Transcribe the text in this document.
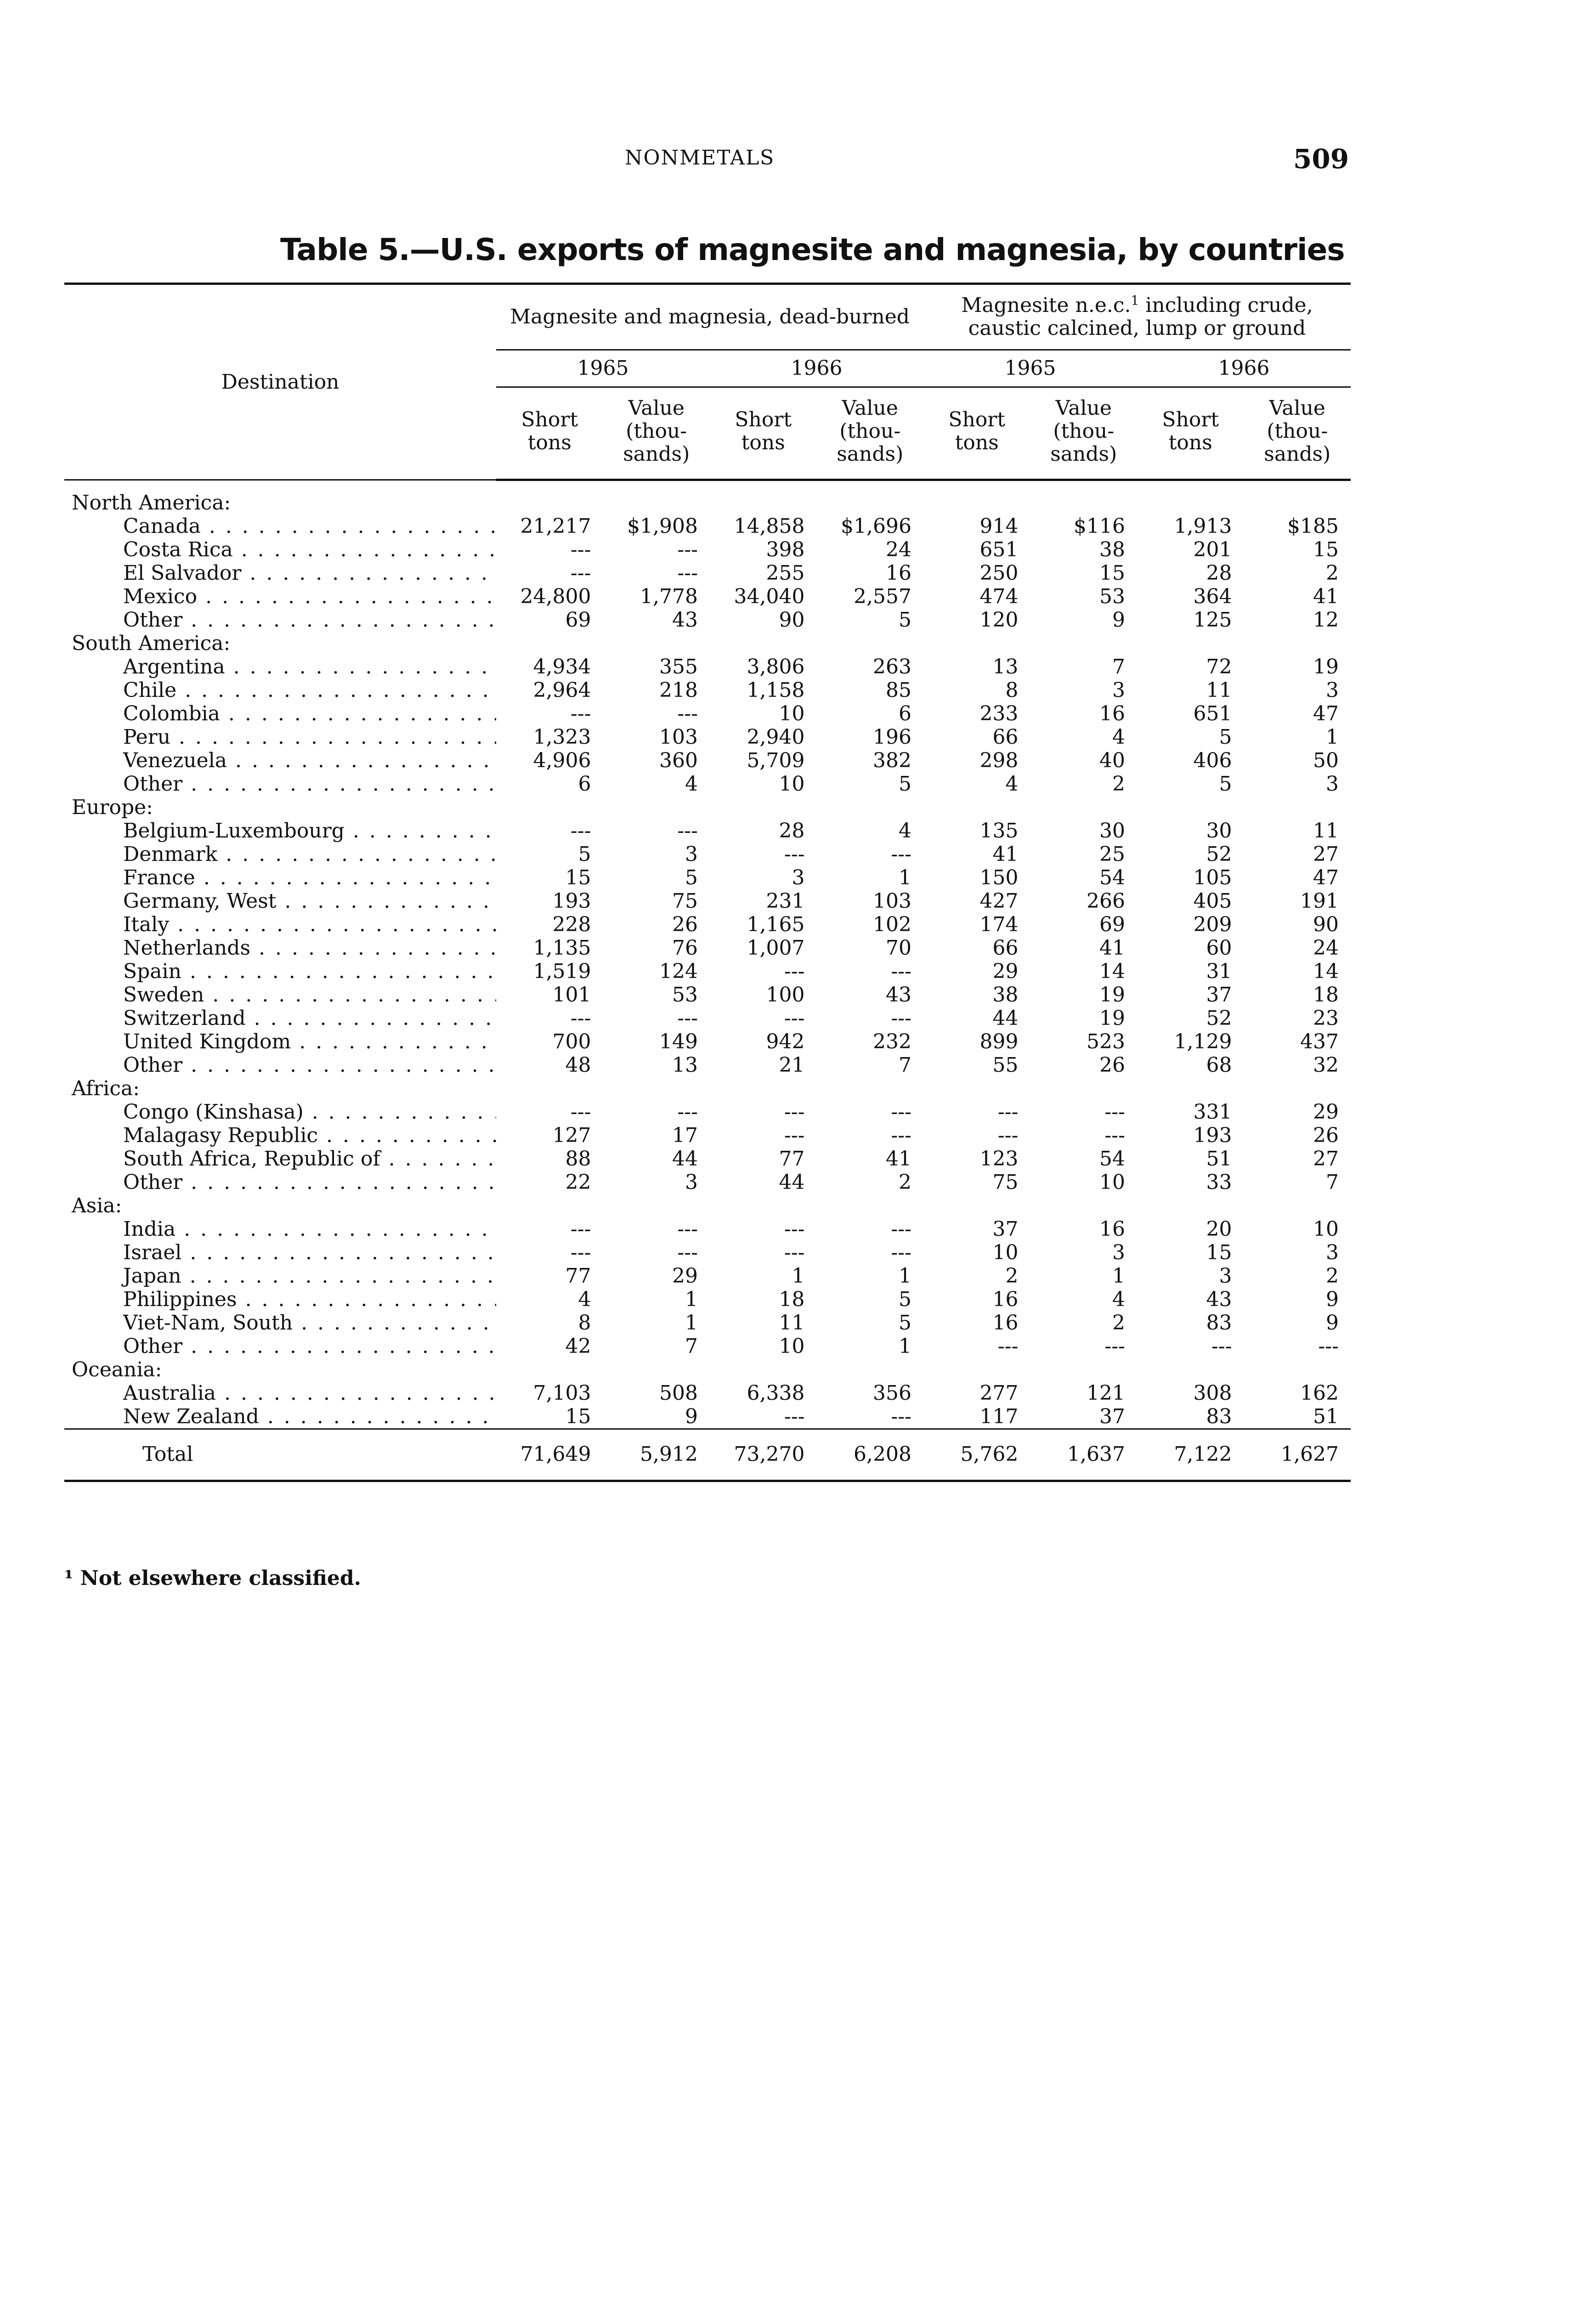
NONMETALS	509
Table 5.—U.S. exports of magnesite and magnesia, by countries
Destination	Magnesite and magnesia, dead-burned				Magnesite n.e.c.$^1$ including crude, caustic calcined, lump or ground			
	1965		1966		1965		1966	
	Short tons	Value (thou- sands)	Short tons	Value (thou- sands)	Short tons	Value (thou- sands)	Short tons	Value (thou- sands)
North America:								
Canada . . .	21,217	$1,908	14,858	$1,696	914	$116	1,913	$185
Costa Rica . . .	---	---	398	24	651	38	201	15
El Salvador . . .	---	---	255	16	250	15	28	2
Mexico . . .	24,800	1,778	34,040	2,557	474	53	364	41
Other . . .	69	43	90	5	120	9	125	12
South America:								
Argentina . . .	4,934	355	3,806	263	13	7	72	19
Chile . . .	2,964	218	1,158	85	8	3	11	3
Colombia . . .	---	---	10	6	233	16	651	47
Peru . . .	1,323	103	2,940	196	66	4	5	1
Venezuela . . .	4,906	360	5,709	382	298	40	406	50
Other . . .	6	4	10	5	4	2	5	3
Europe:								
Belgium-Luxembourg . . .	---	---	28	4	135	30	30	11
Denmark . . .	5	3	---	---	41	25	52	27
France . . .	15	5	3	1	150	54	105	47
Germany, West . . .	193	75	231	103	427	266	405	191
Italy . . .	228	26	1,165	102	174	69	209	90
Netherlands . . .	1,135	76	1,007	70	66	41	60	24
Spain . . .	1,519	124	---	---	29	14	31	14
Sweden . . .	101	53	100	43	38	19	37	18
Switzerland . . .	---	---	---	---	44	19	52	23
United Kingdom . . .	700	149	942	232	899	523	1,129	437
Other . . .	48	13	21	7	55	26	68	32
Africa:								
Congo (Kinshasa) . . .	---	---	---	---	---	---	331	29
Malagasy Republic . . .	127	17	---	---	---	---	193	26
South Africa, Republic of . . .	88	44	77	41	123	54	51	27
Other . . .	22	3	44	2	75	10	33	7
Asia:								
India . . .	---	---	---	---	37	16	20	10
Israel . . .	---	---	---	---	10	3	15	3
Japan . . .	77	29	1	1	2	1	3	2
Philippines . . .	4	1	18	5	16	4	43	9
Viet-Nam, South . . .	8	1	11	5	16	2	83	9
Other . . .	42	7	10	1	---	---	---	---
Oceania:								
Australia . . .	7,103	508	6,338	356	277	121	308	162
New Zealand . . .	15	9	---	---	117	37	83	51
Total	71,649	5,912	73,270	6,208	5,762	1,637	7,122	1,627
¹ Not elsewhere classified.
